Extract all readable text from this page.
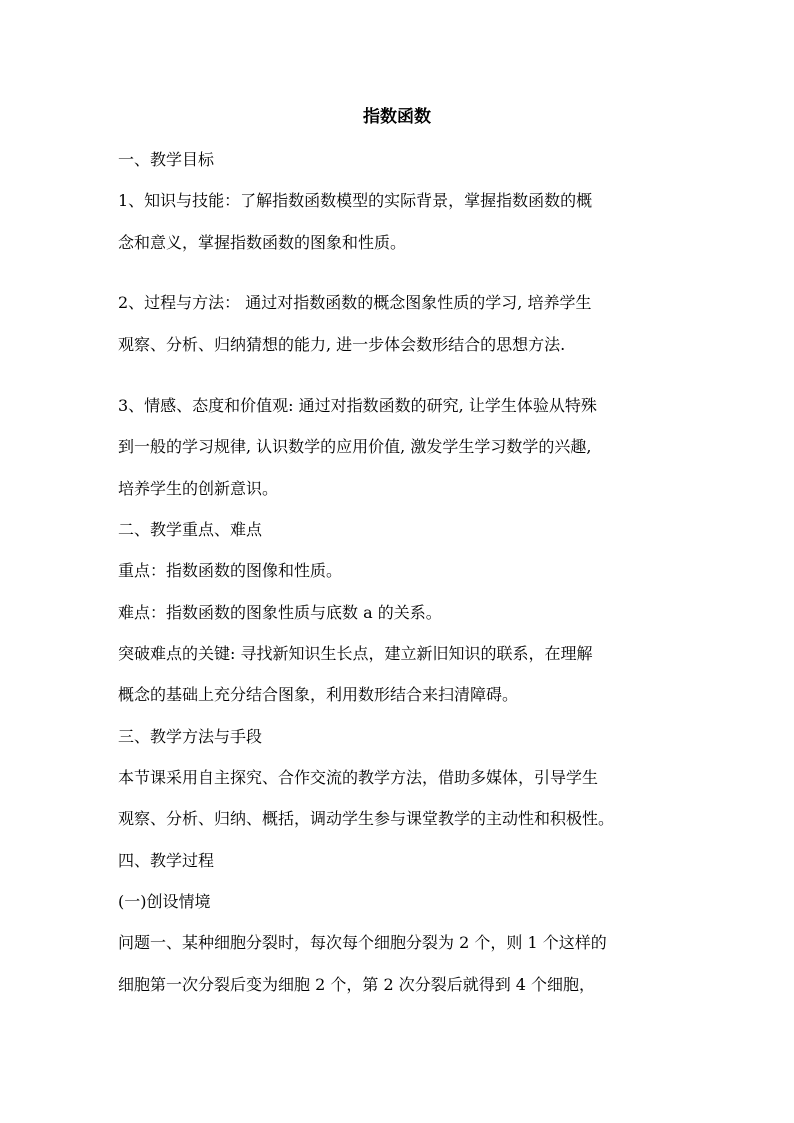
指数函数
一、教学目标
1、知识与技能：了解指数函数模型的实际背景，掌握指数函数的概
念和意义，掌握指数函数的图象和性质。
2、过程与方法： 通过对指数函数的概念图象性质的学习, 培养学生
观察、分析、归纳猜想的能力, 进一步体会数形结合的思想方法.
3、情感、态度和价值观: 通过对指数函数的研究, 让学生体验从特殊
到一般的学习规律, 认识数学的应用价值, 激发学生学习数学的兴趣,
培养学生的创新意识。
二、教学重点、难点
重点：指数函数的图像和性质。
难点：指数函数的图象性质与底数 a 的关系。
突破难点的关键: 寻找新知识生长点，建立新旧知识的联系，在理解
概念的基础上充分结合图象，利用数形结合来扫清障碍。
三、教学方法与手段
本节课采用自主探究、合作交流的教学方法，借助多媒体，引导学生
观察、分析、归纳、概括，调动学生参与课堂教学的主动性和积极性。
四、教学过程
(一)创设情境
问题一、某种细胞分裂时，每次每个细胞分裂为 2 个，则 1 个这样的
细胞第一次分裂后变为细胞 2 个，第 2 次分裂后就得到 4 个细胞，
